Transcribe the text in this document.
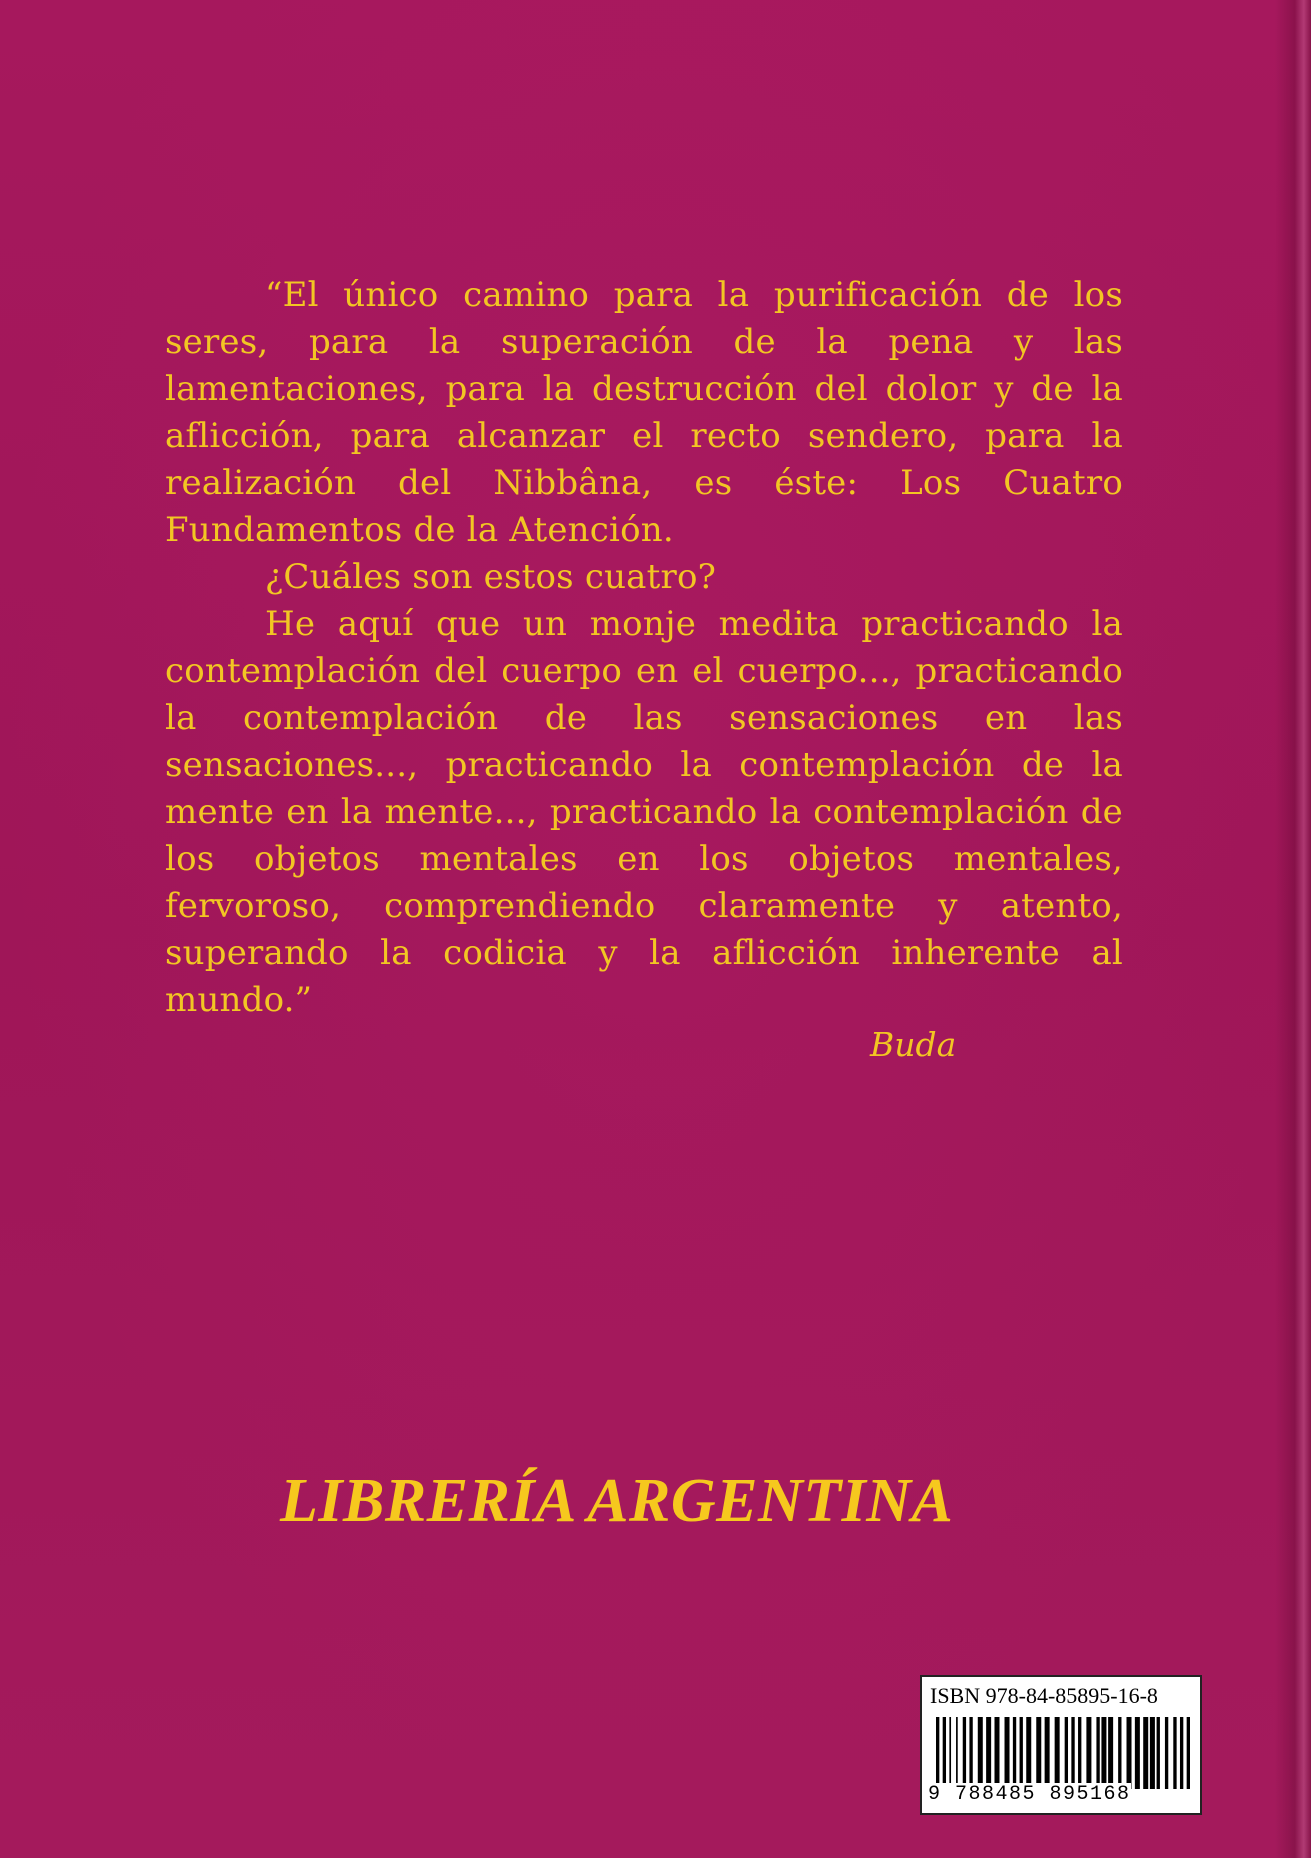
“El único camino para la purificación de los seres, para la superación de la pena y las lamentaciones, para la destrucción del dolor y de la aflicción, para alcanzar el recto sendero, para la realización del Nibbâna, es éste: Los Cuatro Fundamentos de la Atención.

¿Cuáles son estos cuatro?

He aquí que un monje medita practicando la contemplación del cuerpo en el cuerpo..., practicando la contemplación de las sensaciones en las sensaciones..., practicando la contemplación de la mente en la mente..., practicando la contemplación de los objetos mentales en los objetos mentales, fervoroso, comprendiendo claramente y atento, superando la codicia y la aflicción inherente al mundo.”

Buda
LIBRERÍA ARGENTINA
ISBN 978-84-85895-16-8
9 788485 895168
